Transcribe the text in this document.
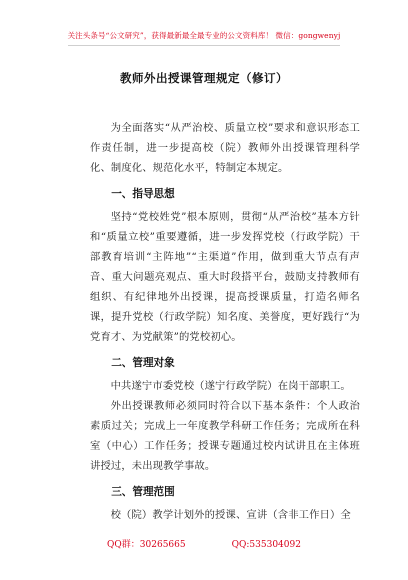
关注头条号“公文研究”，获得最新最全最专业的公文资料库！ 微信：gongwenyj
教师外出授课管理规定（修订）

为全面落实“从严治校、质量立校”要求和意识形态工作责任制，进一步提高校（院）教师外出授课管理科学化、制度化、规范化水平，特制定本规定。

一、指导思想

坚持“党校姓党”根本原则，贯彻“从严治校”基本方针和“质量立校”重要遵循，进一步发挥党校（行政学院）干部教育培训“主阵地”“主渠道”作用，做到重大节点有声音、重大问题亮观点、重大时段搭平台，鼓励支持教师有组织、有纪律地外出授课，提高授课质量，打造名师名课，提升党校（行政学院）知名度、美誉度，更好践行“为党育才、为党献策”的党校初心。

二、管理对象

中共遂宁市委党校（遂宁行政学院）在岗干部职工。

外出授课教师必须同时符合以下基本条件：个人政治素质过关；完成上一年度教学科研工作任务；完成所在科室（中心）工作任务；授课专题通过校内试讲且在主体班讲授过，未出现教学事故。

三、管理范围

校（院）教学计划外的授课、宣讲（含非工作日）全

QQ群：30265665	QQ:535304092
